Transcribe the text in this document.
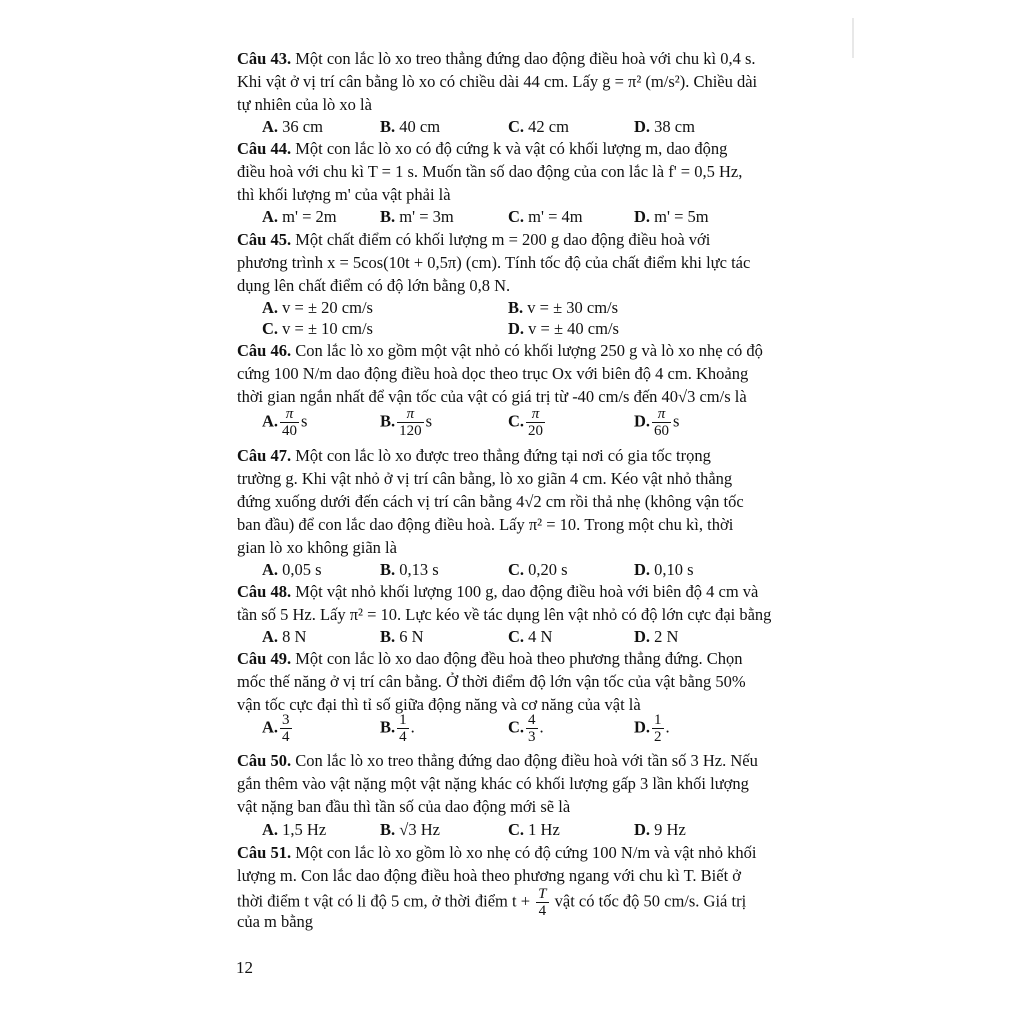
Câu 43. Một con lắc lò xo treo thẳng đứng dao động điều hoà với chu kì 0,4 s.
Khi vật ở vị trí cân bằng lò xo có chiều dài 44 cm. Lấy g = π² (m/s²). Chiều dài
tự nhiên của lò xo là
A. 36 cm	B. 40 cm	C. 42 cm	D. 38 cm
Câu 44. Một con lắc lò xo có độ cứng k và vật có khối lượng m, dao động
điều hoà với chu kì T = 1 s. Muốn tần số dao động của con lắc là f' = 0,5 Hz,
thì khối lượng m' của vật phải là
A. m' = 2m	B. m' = 3m	C. m' = 4m	D. m' = 5m
Câu 45. Một chất điểm có khối lượng m = 200 g dao động điều hoà với
phương trình x = 5cos(10t + 0,5π) (cm). Tính tốc độ của chất điểm khi lực tác
dụng lên chất điểm có độ lớn bằng 0,8 N.
A. v = ± 20 cm/s	B. v = ± 30 cm/s
C. v = ± 10 cm/s	D. v = ± 40 cm/s
Câu 46. Con lắc lò xo gồm một vật nhỏ có khối lượng 250 g và lò xo nhẹ có độ
cứng 100 N/m dao động điều hoà dọc theo trục Ox với biên độ 4 cm. Khoảng
thời gian ngắn nhất để vận tốc của vật có giá trị từ -40 cm/s đến 40√3 cm/s là
A. $\frac{\pi}{40}$ s	B. $\frac{\pi}{120}$ s	C. $\frac{\pi}{20}$	D. $\frac{\pi}{60}$ s
Câu 47. Một con lắc lò xo được treo thẳng đứng tại nơi có gia tốc trọng
trường g. Khi vật nhỏ ở vị trí cân bằng, lò xo giãn 4 cm. Kéo vật nhỏ thẳng
đứng xuống dưới đến cách vị trí cân bằng 4√2 cm rồi thả nhẹ (không vận tốc
ban đầu) để con lắc dao động điều hoà. Lấy π² = 10. Trong một chu kì, thời
gian lò xo không giãn là
A. 0,05 s	B. 0,13 s	C. 0,20 s	D. 0,10 s
Câu 48. Một vật nhỏ khối lượng 100 g, dao động điều hoà với biên độ 4 cm và
tần số 5 Hz. Lấy π² = 10. Lực kéo về tác dụng lên vật nhỏ có độ lớn cực đại bằng
A. 8 N	B. 6 N	C. 4 N	D. 2 N
Câu 49. Một con lắc lò xo dao động đều hoà theo phương thẳng đứng. Chọn
mốc thế năng ở vị trí cân bằng. Ở thời điểm độ lớn vận tốc của vật bằng 50%
vận tốc cực đại thì tỉ số giữa động năng và cơ năng của vật là
A. $\frac{3}{4}$	B. $\frac{1}{4}$ .	C. $\frac{4}{3}$ .	D. $\frac{1}{2}$ .
Câu 50. Con lắc lò xo treo thẳng đứng dao động điều hoà với tần số 3 Hz. Nếu
gắn thêm vào vật nặng một vật nặng khác có khối lượng gấp 3 lần khối lượng
vật nặng ban đầu thì tần số của dao động mới sẽ là
A. 1,5 Hz	B. √3 Hz	C. 1 Hz	D. 9 Hz
Câu 51. Một con lắc lò xo gồm lò xo nhẹ có độ cứng 100 N/m và vật nhỏ khối
lượng m. Con lắc dao động điều hoà theo phương ngang với chu kì T. Biết ở
thời điểm t vật có li độ 5 cm, ở thời điểm $t + \frac{T}{4}$ vật có tốc độ 50 cm/s. Giá trị
của m bằng
12
